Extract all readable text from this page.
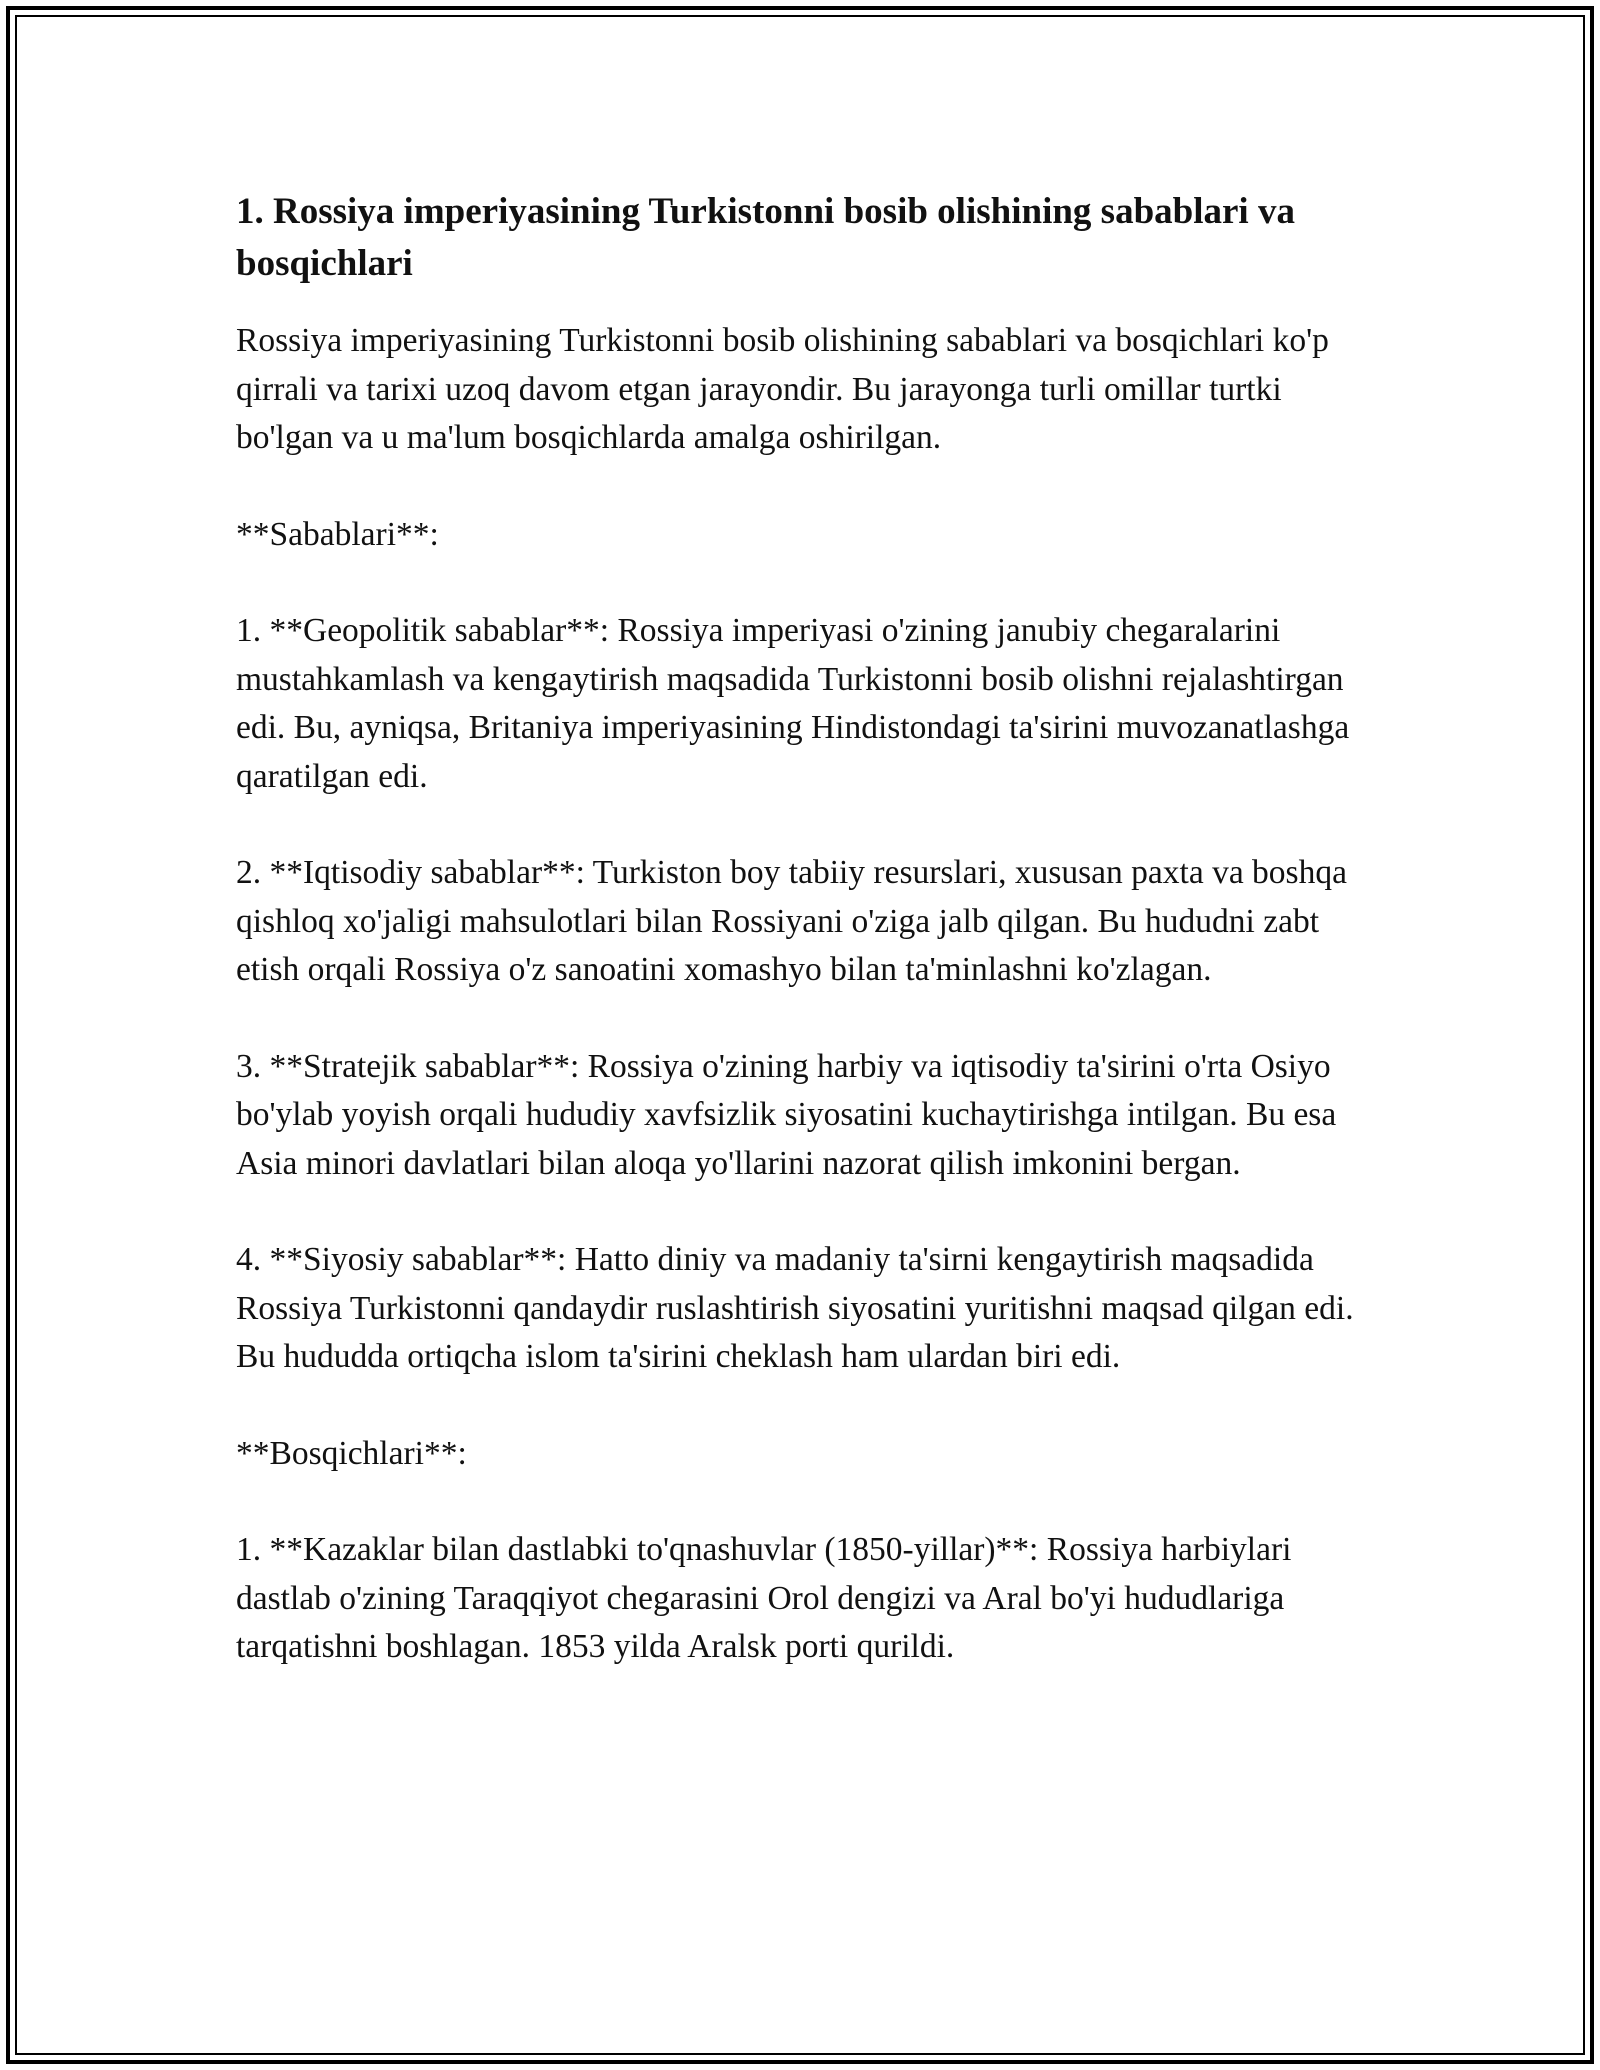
1. Rossiya imperiyasining Turkistonni bosib olishining sabablari va bosqichlari

Rossiya imperiyasining Turkistonni bosib olishining sabablari va bosqichlari ko'p qirrali va tarixi uzoq davom etgan jarayondir. Bu jarayonga turli omillar turtki bo'lgan va u ma'lum bosqichlarda amalga oshirilgan.

**Sabablari**:

1. **Geopolitik sabablar**: Rossiya imperiyasi o'zining janubiy chegaralarini mustahkamlash va kengaytirish maqsadida Turkistonni bosib olishni rejalashtirgan edi. Bu, ayniqsa, Britaniya imperiyasining Hindistondagi ta'sirini muvozanatlashga qaratilgan edi.

2. **Iqtisodiy sabablar**: Turkiston boy tabiiy resurslari, xususan paxta va boshqa qishloq xo'jaligi mahsulotlari bilan Rossiyani o'ziga jalb qilgan. Bu hududni zabt etish orqali Rossiya o'z sanoatini xomashyo bilan ta'minlashni ko'zlagan.

3. **Stratejik sabablar**: Rossiya o'zining harbiy va iqtisodiy ta'sirini o'rta Osiyo bo'ylab yoyish orqali hududiy xavfsizlik siyosatini kuchaytirishga intilgan. Bu esa Asia minori davlatlari bilan aloqa yo'llarini nazorat qilish imkonini bergan.

4. **Siyosiy sabablar**: Hatto diniy va madaniy ta'sirni kengaytirish maqsadida Rossiya Turkistonni qandaydir ruslashtirish siyosatini yuritishni maqsad qilgan edi. Bu hududda ortiqcha islom ta'sirini cheklash ham ulardan biri edi.

**Bosqichlari**:

1. **Kazaklar bilan dastlabki to'qnashuvlar (1850-yillar)**: Rossiya harbiylari dastlab o'zining Taraqqiyot chegarasini Orol dengizi va Aral bo'yi hududlariga tarqatishni boshlagan. 1853 yilda Aralsk porti qurildi.
